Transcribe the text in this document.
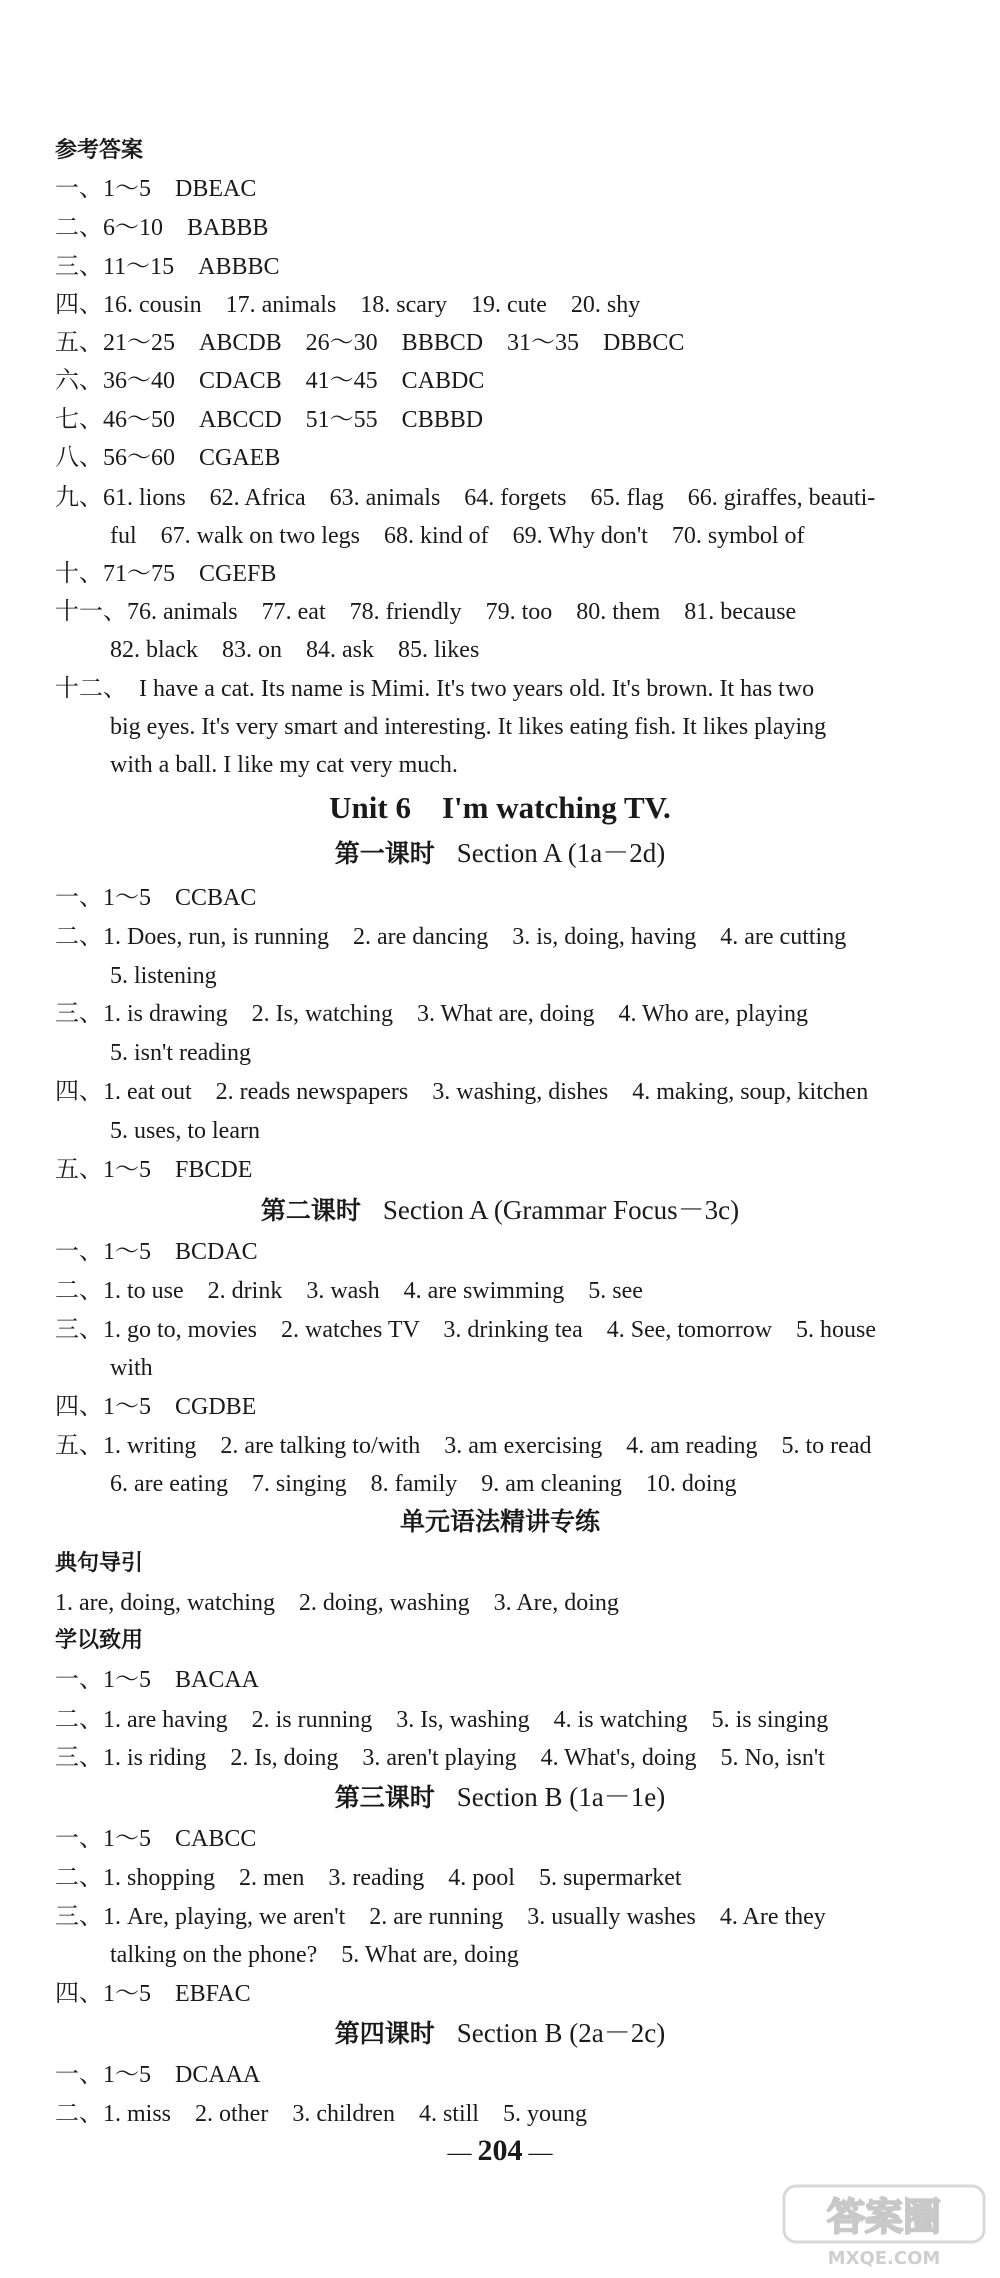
参考答案
一、1～5　DBEAC
二、6～10　BABBB
三、11～15　ABBBC
四、16. cousin　17. animals　18. scary　19. cute　20. shy
五、21～25　ABCDB　26～30　BBBCD　31～35　DBBCC
六、36～40　CDACB　41～45　CABDC
七、46～50　ABCCD　51～55　CBBBD
八、56～60　CGAEB
九、61. lions　62. Africa　63. animals　64. forgets　65. flag　66. giraffes, beauti-
ful　67. walk on two legs　68. kind of　69. Why don't　70. symbol of
十、71～75　CGEFB
十一、76. animals　77. eat　78. friendly　79. too　80. them　81. because
82. black　83. on　84. ask　85. likes
十二、　I have a cat. Its name is Mimi. It's two years old. It's brown. It has two
big eyes. It's very smart and interesting. It likes eating fish. It likes playing
with a ball. I like my cat very much.
Unit 6　I'm watching TV.
第一课时 Section A (1a－2d)
一、1～5　CCBAC
二、1. Does, run, is running　2. are dancing　3. is, doing, having　4. are cutting
5. listening
三、1. is drawing　2. Is, watching　3. What are, doing　4. Who are, playing
5. isn't reading
四、1. eat out　2. reads newspapers　3. washing, dishes　4. making, soup, kitchen
5. uses, to learn
五、1～5　FBCDE
第二课时 Section A (Grammar Focus－3c)
一、1～5　BCDAC
二、1. to use　2. drink　3. wash　4. are swimming　5. see
三、1. go to, movies　2. watches TV　3. drinking tea　4. See, tomorrow　5. house
with
四、1～5　CGDBE
五、1. writing　2. are talking to/with　3. am exercising　4. am reading　5. to read
6. are eating　7. singing　8. family　9. am cleaning　10. doing
单元语法精讲专练
典句导引
1. are, doing, watching　2. doing, washing　3. Are, doing
学以致用
一、1～5　BACAA
二、1. are having　2. is running　3. Is, washing　4. is watching　5. is singing
三、1. is riding　2. Is, doing　3. aren't playing　4. What's, doing　5. No, isn't
第三课时 Section B (1a－1e)
一、1～5　CABCC
二、1. shopping　2. men　3. reading　4. pool　5. supermarket
三、1. Are, playing, we aren't　2. are running　3. usually washes　4. Are they
talking on the phone?　5. What are, doing
四、1～5　EBFAC
第四课时 Section B (2a－2c)
一、1～5　DCAAA
二、1. miss　2. other　3. children　4. still　5. young
— 204 —
答案圈
MXQE.COM
